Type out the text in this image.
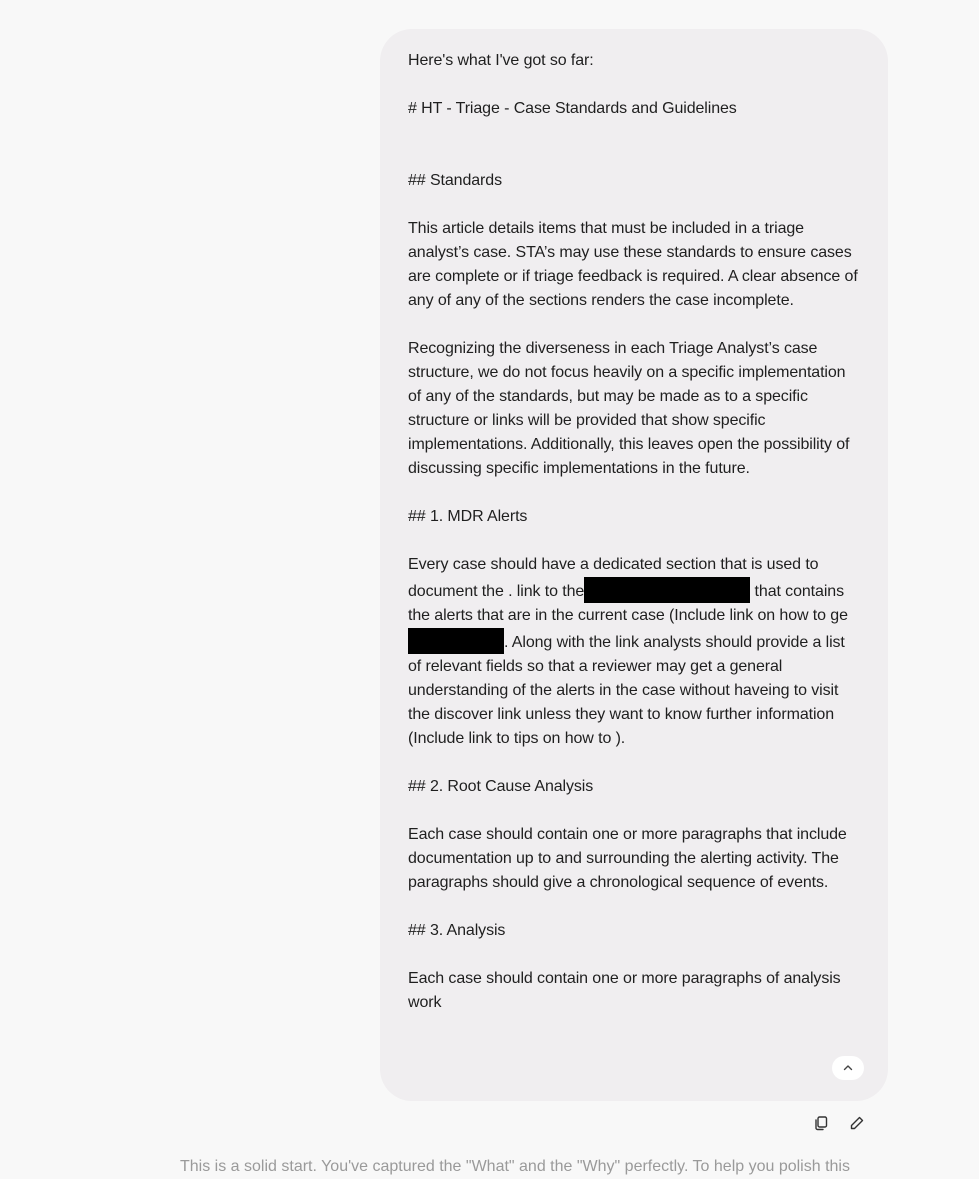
Here's what I've got so far:

# HT - Triage - Case Standards and Guidelines

## Standards

This article details items that must be included in a triage analyst’s case. STA’s may use these standards to ensure cases are complete or if triage feedback is required. A clear absence of any of any of the sections renders the case incomplete.

Recognizing the diverseness in each Triage Analyst’s case structure, we do not focus heavily on a specific implementation of any of the standards, but may be made as to a specific structure or links will be provided that show specific implementations. Additionally, this leaves open the possibility of discussing specific implementations in the future.

## 1. MDR Alerts

Every case should have a dedicated section that is used to document the . link to the	that contains the alerts that are in the current case (Include link on how to ge. Along with the link analysts should provide a list of relevant fields so that a reviewer may get a general understanding of the alerts in the case without haveing to visit the discover link unless they want to know further information (Include link to tips on how to ).

## 2. Root Cause Analysis

Each case should contain one or more paragraphs that include documentation up to and surrounding the alerting activity. The paragraphs should give a chronological sequence of events.

## 3. Analysis

Each case should contain one or more paragraphs of analysis work

This is a solid start. You've captured the "What" and the "Why" perfectly. To help you polish this
